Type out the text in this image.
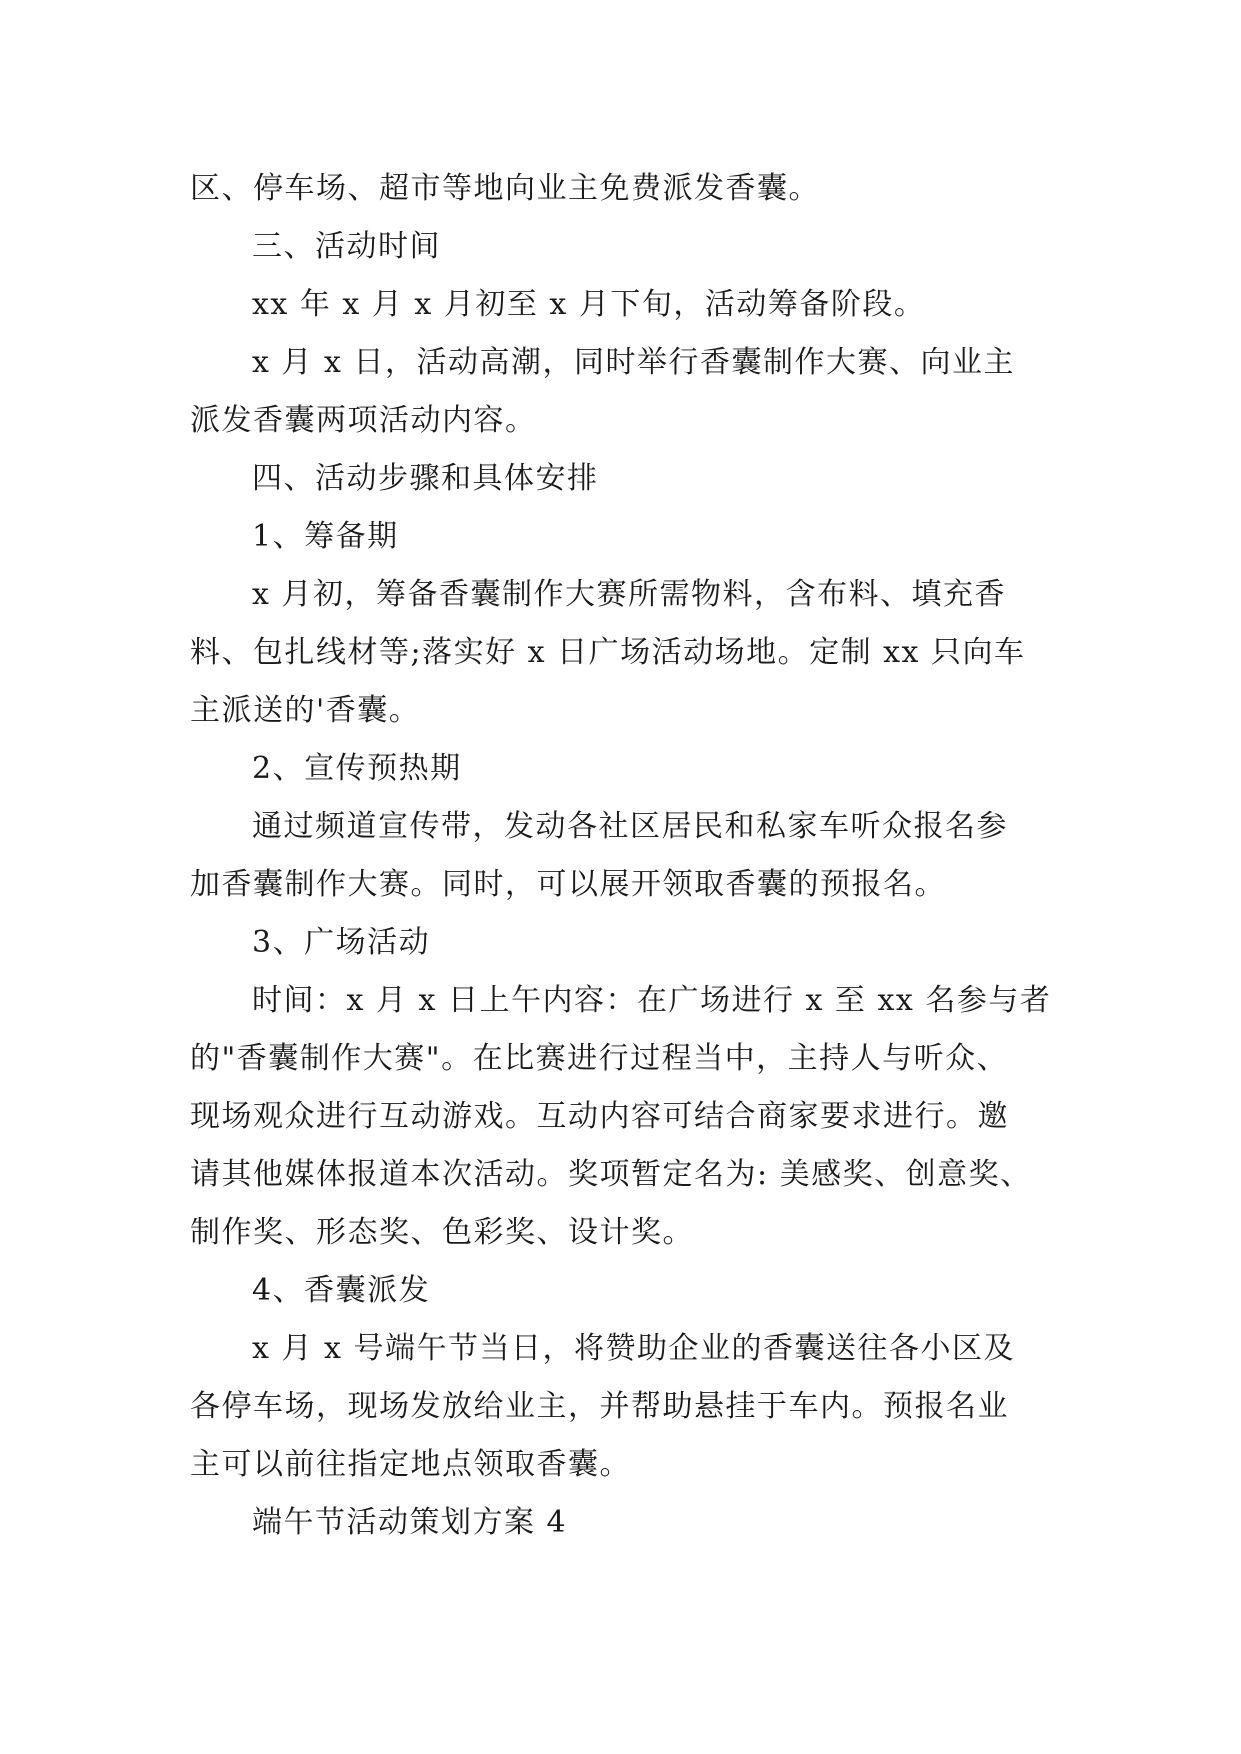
区、停车场、超市等地向业主免费派发香囊。
三、活动时间
xx 年 x 月 x 月初至 x 月下旬，活动筹备阶段。
x 月 x 日，活动高潮，同时举行香囊制作大赛、向业主
派发香囊两项活动内容。
四、活动步骤和具体安排
1、筹备期
x 月初，筹备香囊制作大赛所需物料，含布料、填充香
料、包扎线材等;落实好 x 日广场活动场地。定制 xx 只向车
主派送的'香囊。
2、宣传预热期
通过频道宣传带，发动各社区居民和私家车听众报名参
加香囊制作大赛。同时，可以展开领取香囊的预报名。
3、广场活动
时间：x 月 x 日上午内容：在广场进行 x 至 xx 名参与者
的"香囊制作大赛"。在比赛进行过程当中，主持人与听众、
现场观众进行互动游戏。互动内容可结合商家要求进行。邀
请其他媒体报道本次活动。奖项暂定名为: 美感奖、创意奖、
制作奖、形态奖、色彩奖、设计奖。
4、香囊派发
x 月 x 号端午节当日，将赞助企业的香囊送往各小区及
各停车场，现场发放给业主，并帮助悬挂于车内。预报名业
主可以前往指定地点领取香囊。
端午节活动策划方案 4
